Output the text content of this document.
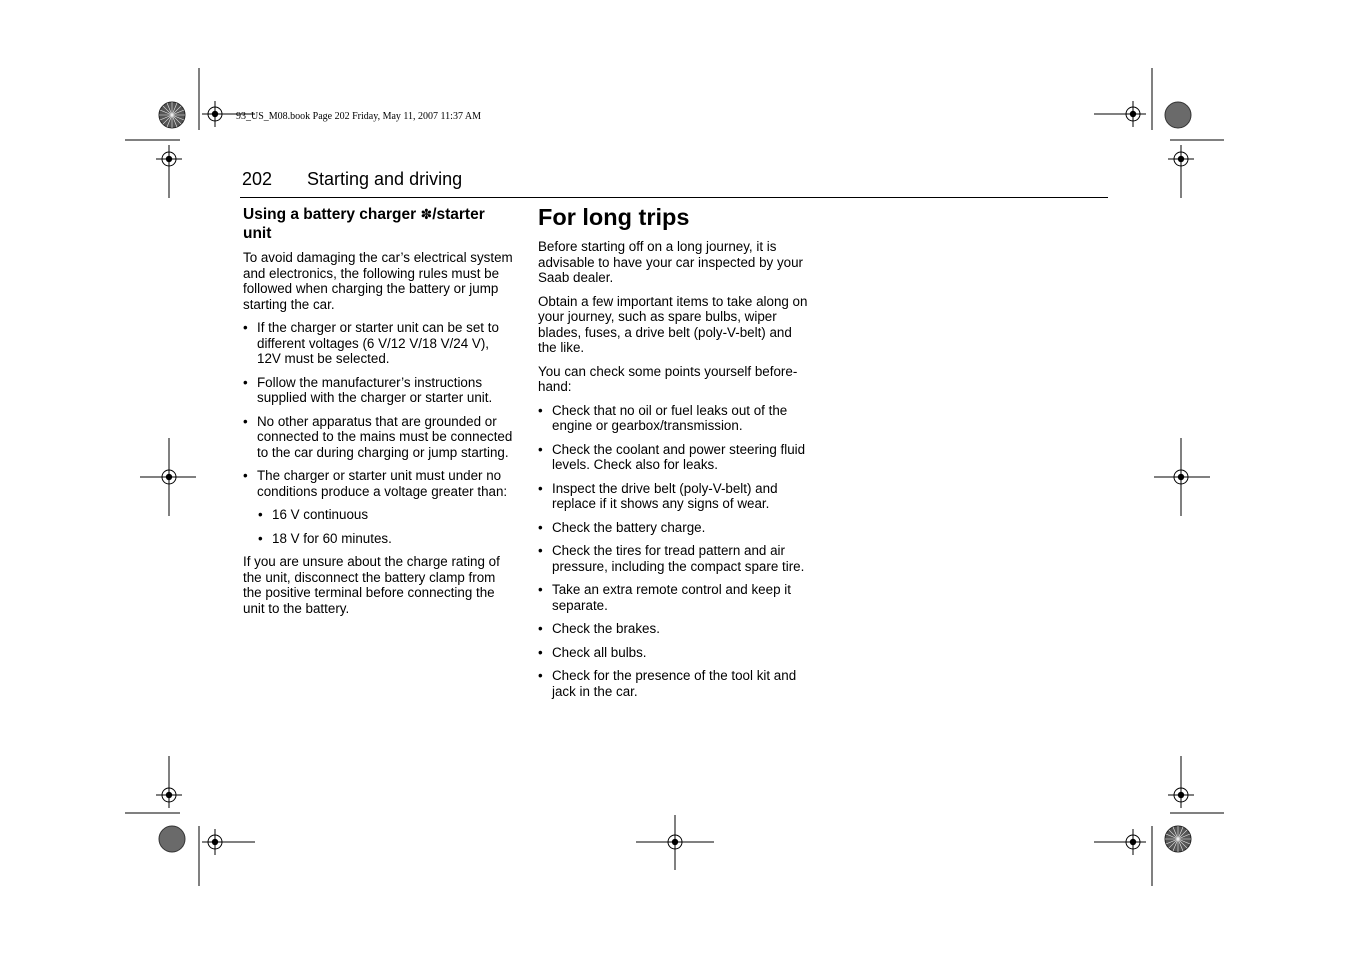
93_US_M08.book Page 202 Friday, May 11, 2007 11:37 AM
202 Starting and driving
Using a battery charger ✽/starter unit

To avoid damaging the car’s electrical system and electronics, the following rules must be followed when charging the battery or jump starting the car.

• If the charger or starter unit can be set to different voltages (6 V/12 V/18 V/24 V), 12V must be selected.
• Follow the manufacturer’s instructions supplied with the charger or starter unit.
• No other apparatus that are grounded or connected to the mains must be connected to the car during charging or jump starting.
• The charger or starter unit must under no conditions produce a voltage greater than:
• 16 V continuous
• 18 V for 60 minutes.

If you are unsure about the charge rating of the unit, disconnect the battery clamp from the positive terminal before connecting the unit to the battery.

For long trips

Before starting off on a long journey, it is advisable to have your car inspected by your Saab dealer.

Obtain a few important items to take along on your journey, such as spare bulbs, wiper blades, fuses, a drive belt (poly-V-belt) and the like.

You can check some points yourself before-hand:

• Check that no oil or fuel leaks out of the engine or gearbox/transmission.
• Check the coolant and power steering fluid levels. Check also for leaks.
• Inspect the drive belt (poly-V-belt) and replace if it shows any signs of wear.
• Check the battery charge.
• Check the tires for tread pattern and air pressure, including the compact spare tire.
• Take an extra remote control and keep it separate.
• Check the brakes.
• Check all bulbs.
• Check for the presence of the tool kit and jack in the car.
